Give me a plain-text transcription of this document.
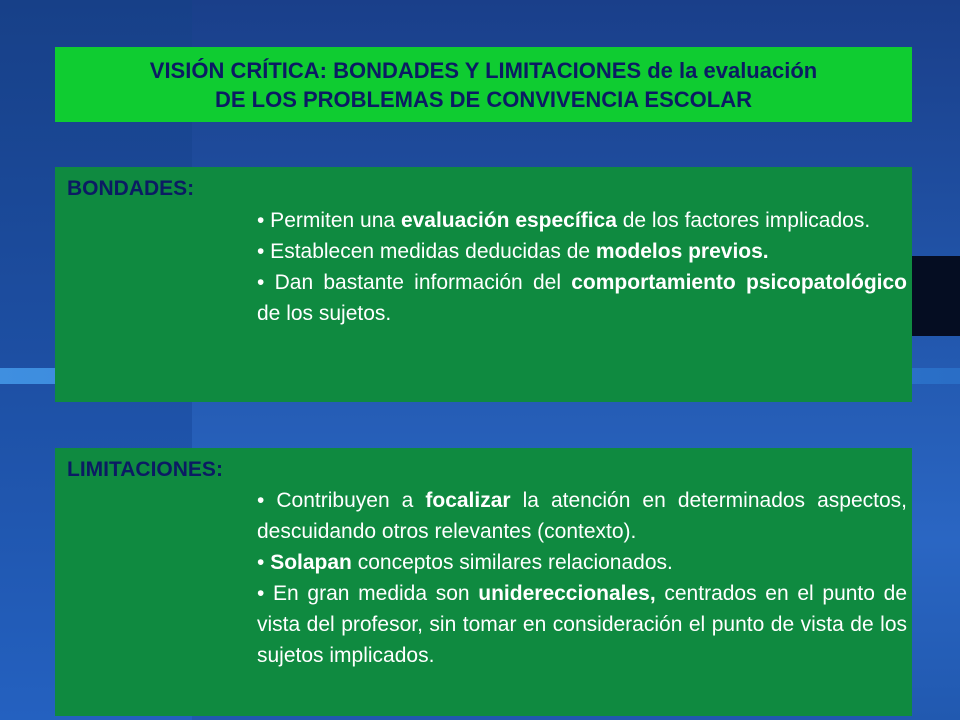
VISIÓN CRÍTICA: BONDADES Y LIMITACIONES de la evaluación
DE LOS PROBLEMAS DE CONVIVENCIA ESCOLAR
BONDADES:
• Permiten una evaluación específica de los factores implicados.
• Establecen medidas deducidas de modelos previos.
• Dan bastante información del comportamiento psicopatológico de los sujetos.
LIMITACIONES:
• Contribuyen a focalizar la atención en determinados aspectos, descuidando otros relevantes (contexto).
• Solapan conceptos similares relacionados.
• En gran medida son unidereccionales, centrados en el punto de vista del profesor, sin tomar en consideración el punto de vista de los sujetos implicados.
